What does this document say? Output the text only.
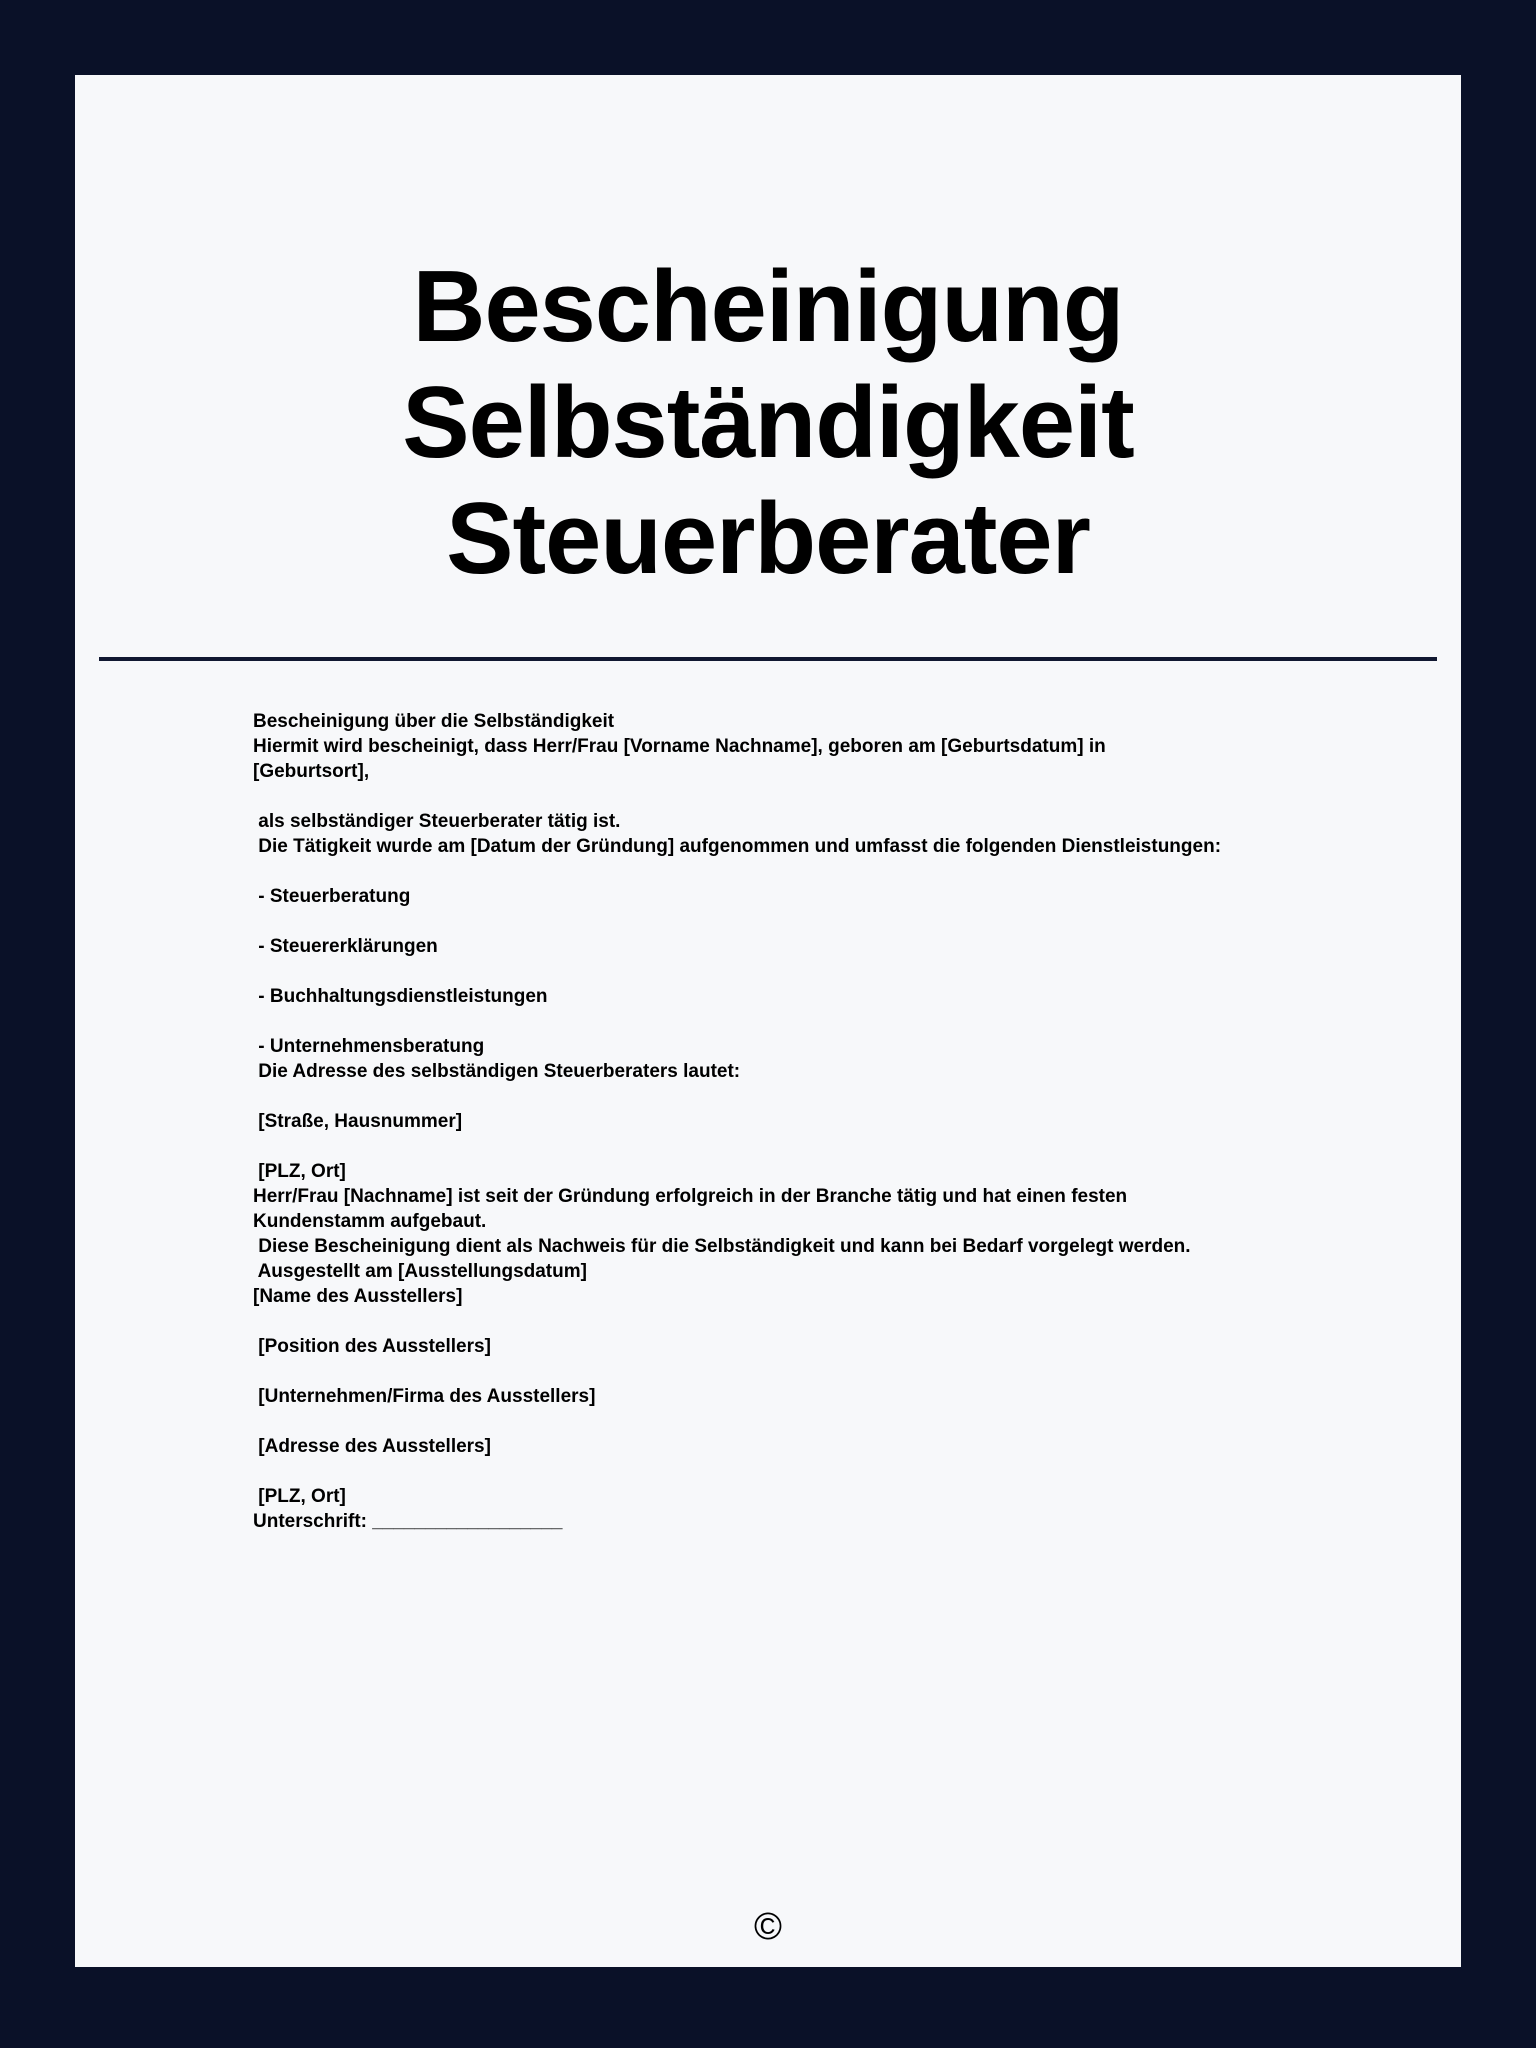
Bescheinigung
Selbständigkeit
Steuerberater
Bescheinigung über die Selbständigkeit
Hiermit wird bescheinigt, dass Herr/Frau [Vorname Nachname], geboren am [Geburtsdatum] in
[Geburtsort],
als selbständiger Steuerberater tätig ist.
Die Tätigkeit wurde am [Datum der Gründung] aufgenommen und umfasst die folgenden Dienstleistungen:
- Steuerberatung
- Steuererklärungen
- Buchhaltungsdienstleistungen
- Unternehmensberatung
Die Adresse des selbständigen Steuerberaters lautet:
[Straße, Hausnummer]
[PLZ, Ort]
Herr/Frau [Nachname] ist seit der Gründung erfolgreich in der Branche tätig und hat einen festen
Kundenstamm aufgebaut.
Diese Bescheinigung dient als Nachweis für die Selbständigkeit und kann bei Bedarf vorgelegt werden.
Ausgestellt am [Ausstellungsdatum]
[Name des Ausstellers]
[Position des Ausstellers]
[Unternehmen/Firma des Ausstellers]
[Adresse des Ausstellers]
[PLZ, Ort]
Unterschrift: __________________
©
